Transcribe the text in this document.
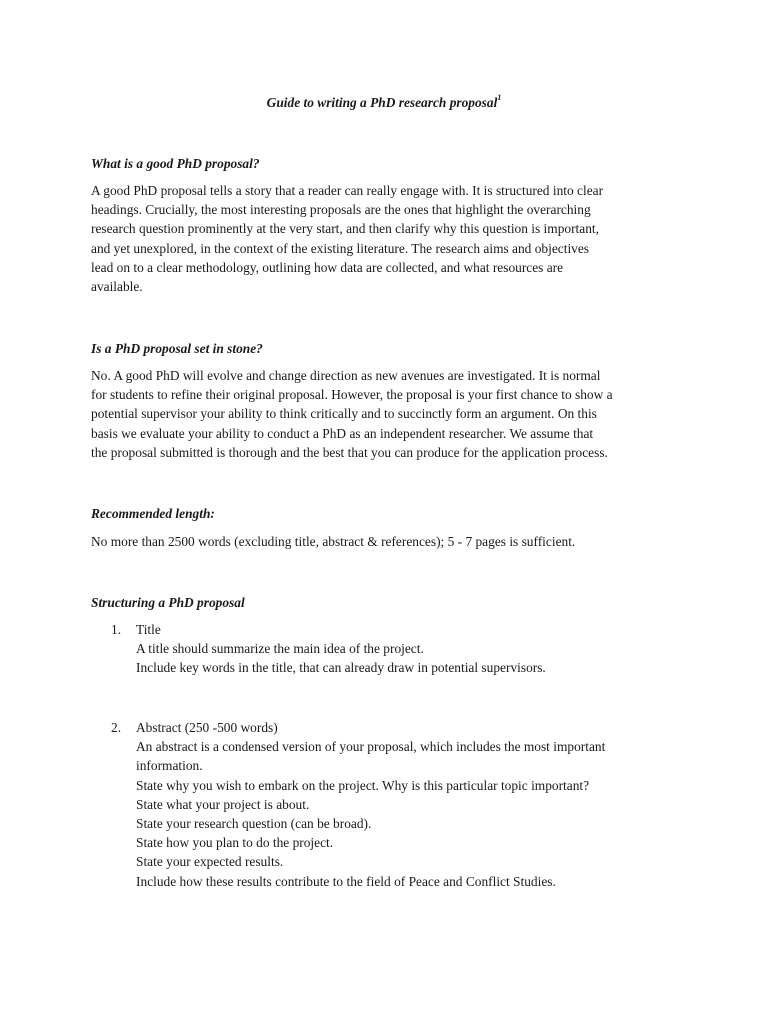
Guide to writing a PhD research proposal$^1$
What is a good PhD proposal?
A good PhD proposal tells a story that a reader can really engage with. It is structured into clear
headings. Crucially, the most interesting proposals are the ones that highlight the overarching
research question prominently at the very start, and then clarify why this question is important,
and yet unexplored, in the context of the existing literature. The research aims and objectives
lead on to a clear methodology, outlining how data are collected, and what resources are
available.
Is a PhD proposal set in stone?
No. A good PhD will evolve and change direction as new avenues are investigated. It is normal
for students to refine their original proposal. However, the proposal is your first chance to show a
potential supervisor your ability to think critically and to succinctly form an argument. On this
basis we evaluate your ability to conduct a PhD as an independent researcher. We assume that
the proposal submitted is thorough and the best that you can produce for the application process.
Recommended length:
No more than 2500 words (excluding title, abstract & references); 5 - 7 pages is sufficient.
Structuring a PhD proposal
1.	Title
A title should summarize the main idea of the project.
Include key words in the title, that can already draw in potential supervisors.
2.	Abstract (250 -500 words)
An abstract is a condensed version of your proposal, which includes the most important
information.
State why you wish to embark on the project. Why is this particular topic important?
State what your project is about.
State your research question (can be broad).
State how you plan to do the project.
State your expected results.
Include how these results contribute to the field of Peace and Conflict Studies.
